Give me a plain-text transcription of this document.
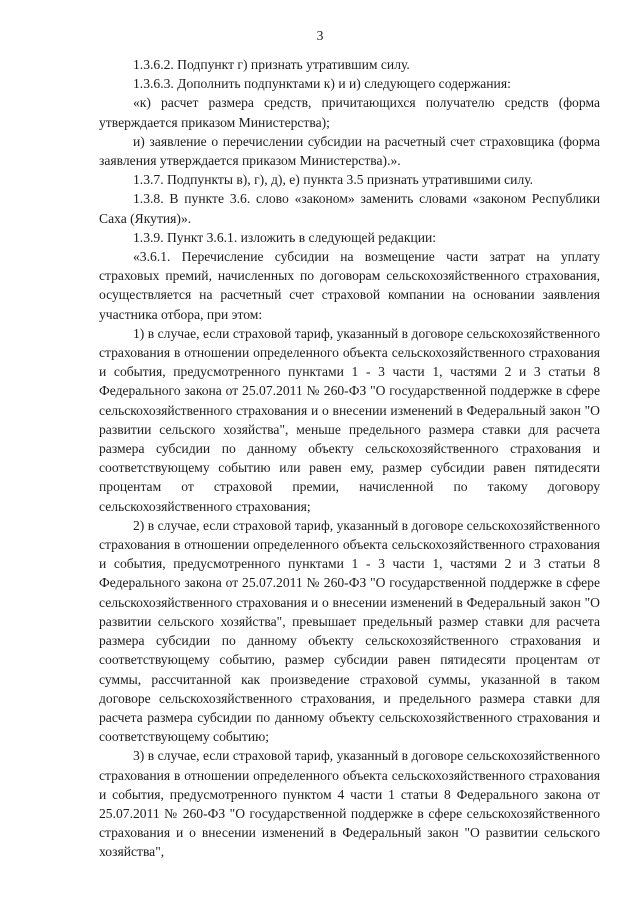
3

1.3.6.2. Подпункт г) признать утратившим силу.

1.3.6.3. Дополнить подпунктами к) и и) следующего содержания:

«к) расчет размера средств, причитающихся получателю средств (форма утверждается приказом Министерства);

и) заявление о перечислении субсидии на расчетный счет страховщика (форма заявления утверждается приказом Министерства).».

1.3.7. Подпункты в), г), д), е) пункта 3.5 признать утратившими силу.

1.3.8. В пункте 3.6. слово «законом» заменить словами «законом Республики Саха (Якутия)».

1.3.9. Пункт 3.6.1. изложить в следующей редакции:

«3.6.1. Перечисление субсидии на возмещение части затрат на уплату страховых премий, начисленных по договорам сельскохозяйственного страхования, осуществляется на расчетный счет страховой компании на основании заявления участника отбора, при этом:

1) в случае, если страховой тариф, указанный в договоре сельскохозяйственного страхования в отношении определенного объекта сельскохозяйственного страхования и события, предусмотренного пунктами 1 - 3 части 1, частями 2 и 3 статьи 8 Федерального закона от 25.07.2011 № 260-ФЗ "О государственной поддержке в сфере сельскохозяйственного страхования и о внесении изменений в Федеральный закон "О развитии сельского хозяйства", меньше предельного размера ставки для расчета размера субсидии по данному объекту сельскохозяйственного страхования и соответствующему событию или равен ему, размер субсидии равен пятидесяти процентам от страховой премии, начисленной по такому договору сельскохозяйственного страхования;

2) в случае, если страховой тариф, указанный в договоре сельскохозяйственного страхования в отношении определенного объекта сельскохозяйственного страхования и события, предусмотренного пунктами 1 - 3 части 1, частями 2 и 3 статьи 8 Федерального закона от 25.07.2011 № 260-ФЗ "О государственной поддержке в сфере сельскохозяйственного страхования и о внесении изменений в Федеральный закон "О развитии сельского хозяйства", превышает предельный размер ставки для расчета размера субсидии по данному объекту сельскохозяйственного страхования и соответствующему событию, размер субсидии равен пятидесяти процентам от суммы, рассчитанной как произведение страховой суммы, указанной в таком договоре сельскохозяйственного страхования, и предельного размера ставки для расчета размера субсидии по данному объекту сельскохозяйственного страхования и соответствующему событию;

3) в случае, если страховой тариф, указанный в договоре сельскохозяйственного страхования в отношении определенного объекта сельскохозяйственного страхования и события, предусмотренного пунктом 4 части 1 статьи 8 Федерального закона от 25.07.2011 № 260-ФЗ "О государственной поддержке в сфере сельскохозяйственного страхования и о внесении изменений в Федеральный закон "О развитии сельского хозяйства",
